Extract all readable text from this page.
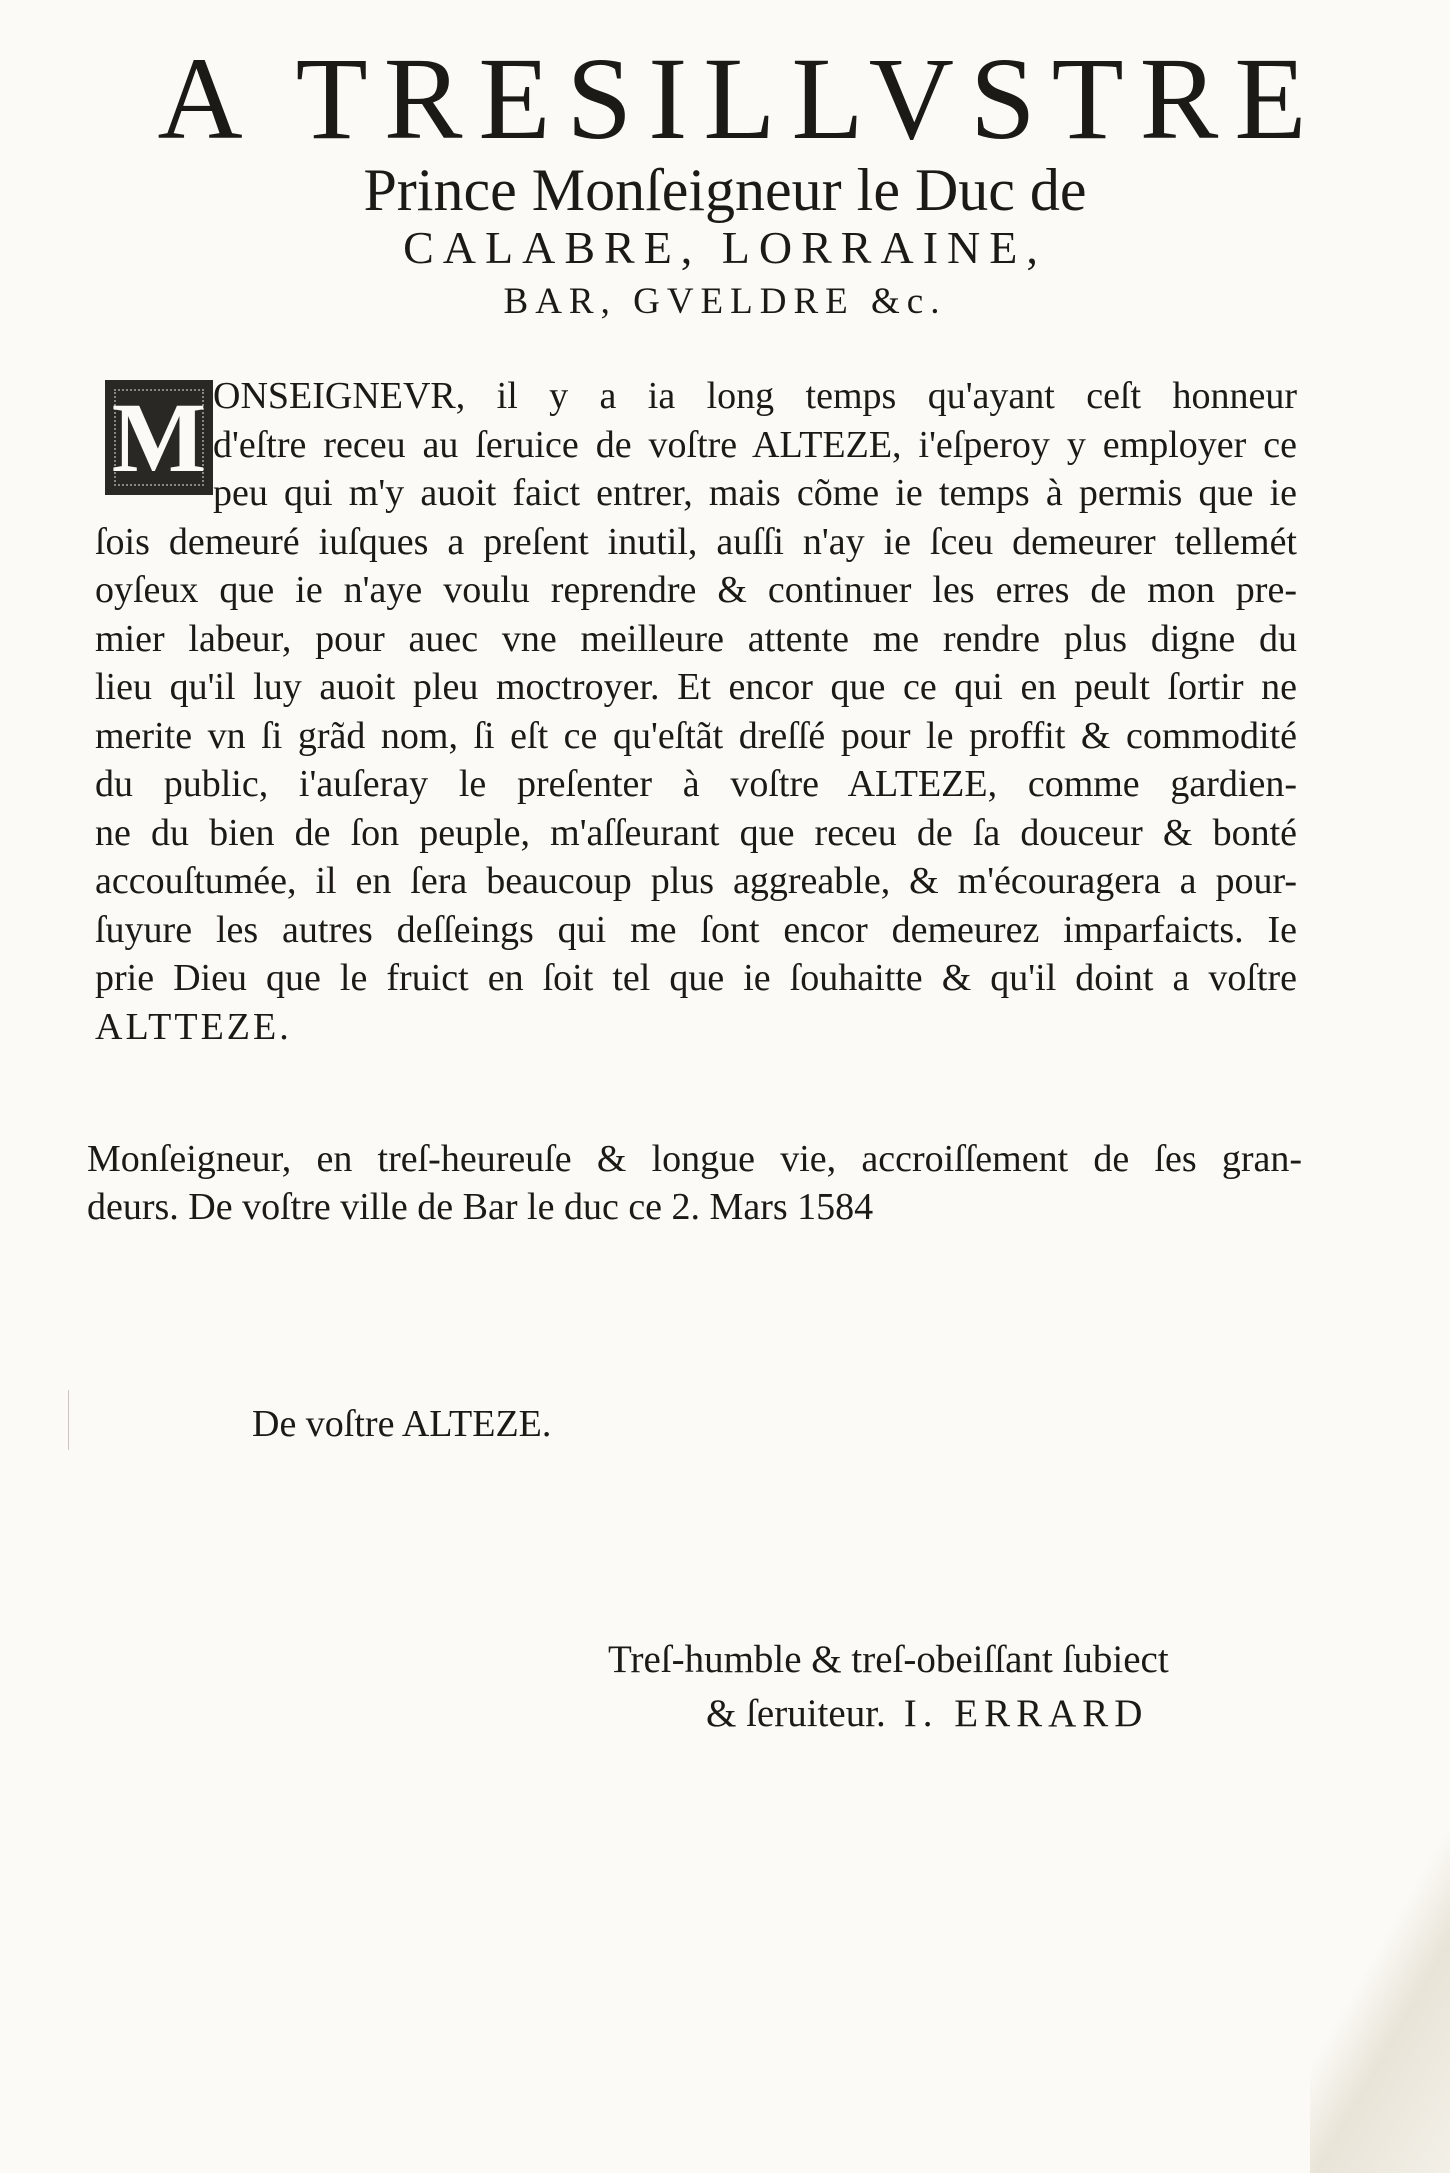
A TRESILLVSTRE
Prince Monſeigneur le Duc de
CALABRE, LORRAINE,
BAR, GVELDRE &c.
M ONSEIGNEVR, il y a ia long temps qu'ayant ceſt honneur
d'eſtre receu au ſeruice de voſtre ALTEZE, i'eſperoy y employer ce
peu qui m'y auoit faict entrer, mais cõme ie temps à permis que ie
ſois demeuré iuſques a preſent inutil, auſſi n'ay ie ſceu demeurer tellemét
oyſeux que ie n'aye voulu reprendre & continuer les erres de mon pre-
mier labeur, pour auec vne meilleure attente me rendre plus digne du
lieu qu'il luy auoit pleu moctroyer. Et encor que ce qui en peult ſortir ne
merite vn ſi grãd nom, ſi eſt ce qu'eſtãt dreſſé pour le proffit & commodité
du public, i'auſeray le preſenter à voſtre ALTEZE, comme gardien-
ne du bien de ſon peuple, m'aſſeurant que receu de ſa douceur & bonté
accouſtumée, il en ſera beaucoup plus aggreable, & m'écouragera a pour-
ſuyure les autres deſſeings qui me ſont encor demeurez imparfaicts. Ie
prie Dieu que le fruict en ſoit tel que ie ſouhaitte & qu'il doint a voſtre
ALTTEZE.
Monſeigneur, en treſ-heureuſe & longue vie, accroiſſement de ſes gran-
deurs. De voſtre ville de Bar le duc ce 2. Mars 1584
De voſtre ALTEZE.
Treſ-humble & treſ-obeiſſant ſubiect
& ſeruiteur. I. ERRARD
